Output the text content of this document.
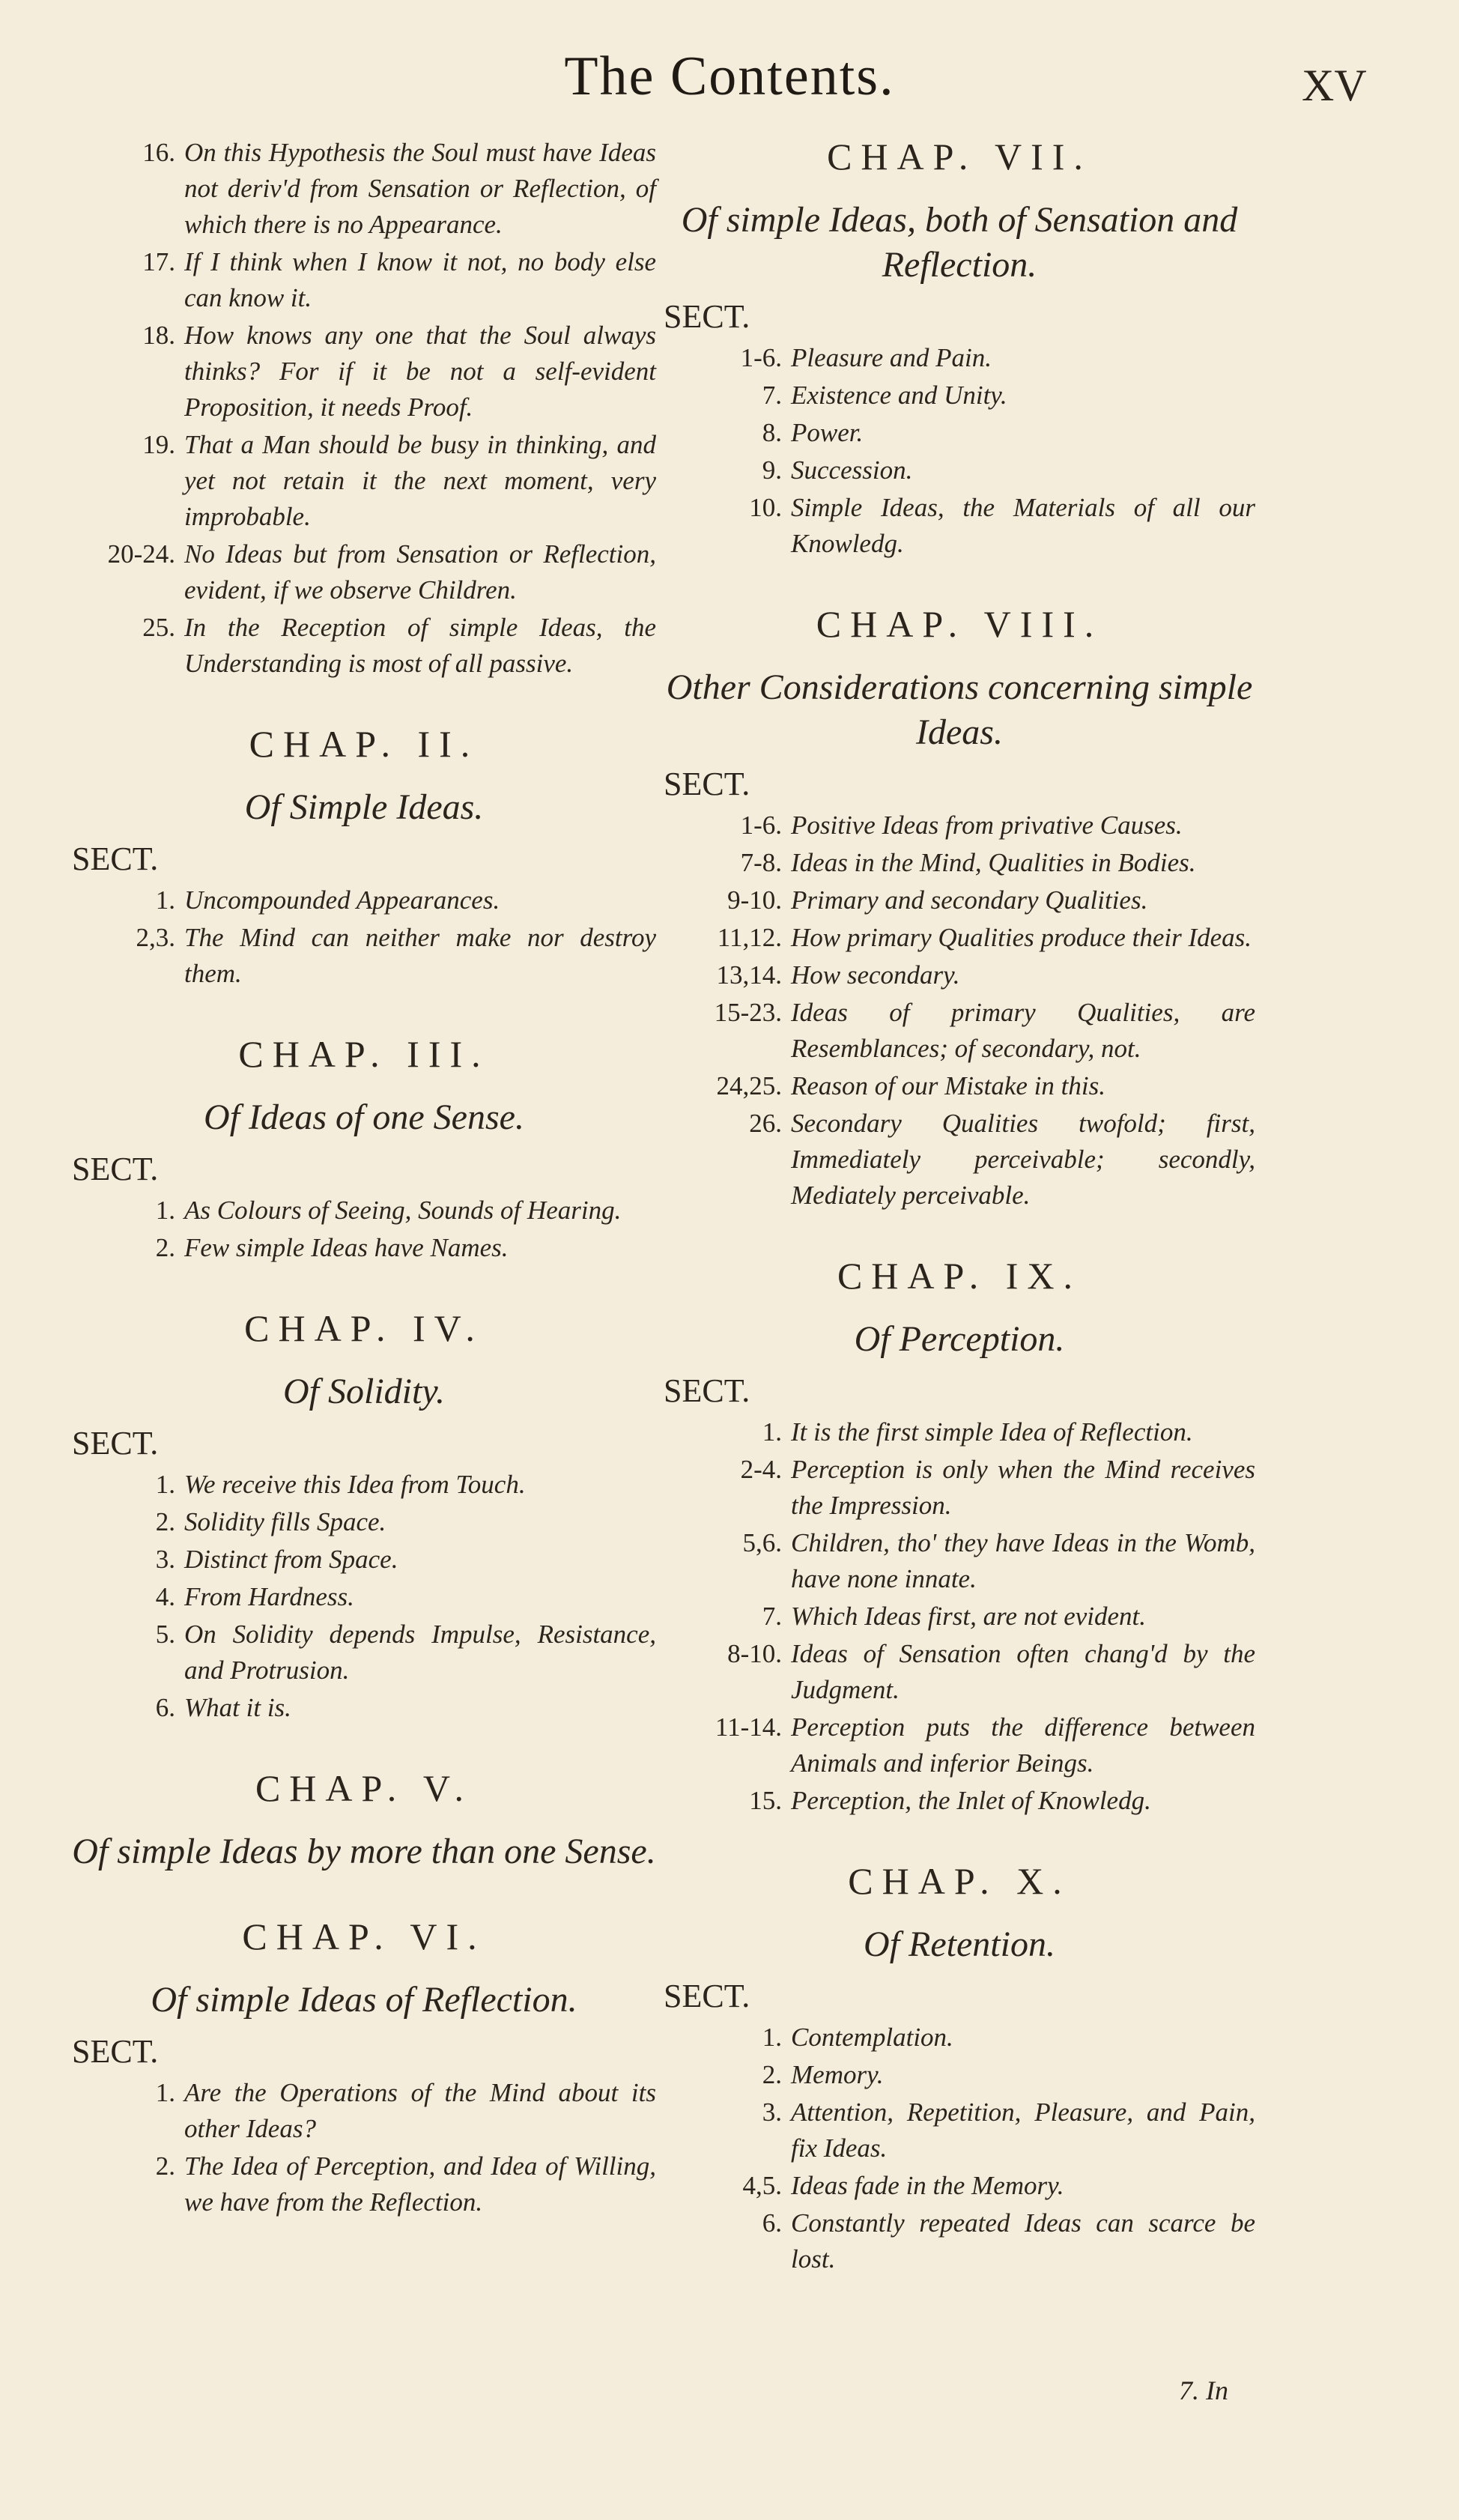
The Contents.	XV
16. On this Hypothesis the Soul must have Ideas not deriv'd from Sensation or Reflection, of which there is no Appearance.
17. If I think when I know it not, no body else can know it.
18. How knows any one that the Soul always thinks? For if it be not a self-evident Proposition, it needs Proof.
19. That a Man should be busy in thinking, and yet not retain it the next moment, very improbable.
20-24. No Ideas but from Sensation or Reflection, evident, if we observe Children.
25. In the Reception of simple Ideas, the Understanding is most of all passive.
CHAP. II.
Of Simple Ideas.
SECT.
1. Uncompounded Appearances.
2,3. The Mind can neither make nor destroy them.
CHAP. III.
Of Ideas of one Sense.
SECT.
1. As Colours of Seeing, Sounds of Hearing.
2. Few simple Ideas have Names.
CHAP. IV.
Of Solidity.
SECT.
1. We receive this Idea from Touch.
2. Solidity fills Space.
3. Distinct from Space.
4. From Hardness.
5. On Solidity depends Impulse, Resistance, and Protrusion.
6. What it is.
CHAP. V.
Of simple Ideas by more than one Sense.
CHAP. VI.
Of simple Ideas of Reflection.
SECT.
1. Are the Operations of the Mind about its other Ideas?
2. The Idea of Perception, and Idea of Willing, we have from the Reflection.
CHAP. VII.
Of simple Ideas, both of Sensation and Reflection.
SECT.
1-6. Pleasure and Pain.
7. Existence and Unity.
8. Power.
9. Succession.
10. Simple Ideas, the Materials of all our Knowledg.
CHAP. VIII.
Other Considerations concerning simple Ideas.
SECT.
1-6. Positive Ideas from privative Causes.
7-8. Ideas in the Mind, Qualities in Bodies.
9-10. Primary and secondary Qualities.
11,12. How primary Qualities produce their Ideas.
13,14. How secondary.
15-23. Ideas of primary Qualities, are Resemblances; of secondary, not.
24,25. Reason of our Mistake in this.
26. Secondary Qualities twofold; first, Immediately perceivable; secondly, Mediately perceivable.
CHAP. IX.
Of Perception.
SECT.
1. It is the first simple Idea of Reflection.
2-4. Perception is only when the Mind receives the Impression.
5,6. Children, tho' they have Ideas in the Womb, have none innate.
7. Which Ideas first, are not evident.
8-10. Ideas of Sensation often chang'd by the Judgment.
11-14. Perception puts the difference between Animals and inferior Beings.
15. Perception, the Inlet of Knowledg.
CHAP. X.
Of Retention.
SECT.
1. Contemplation.
2. Memory.
3. Attention, Repetition, Pleasure, and Pain, fix Ideas.
4,5. Ideas fade in the Memory.
6. Constantly repeated Ideas can scarce be lost.
7. In
